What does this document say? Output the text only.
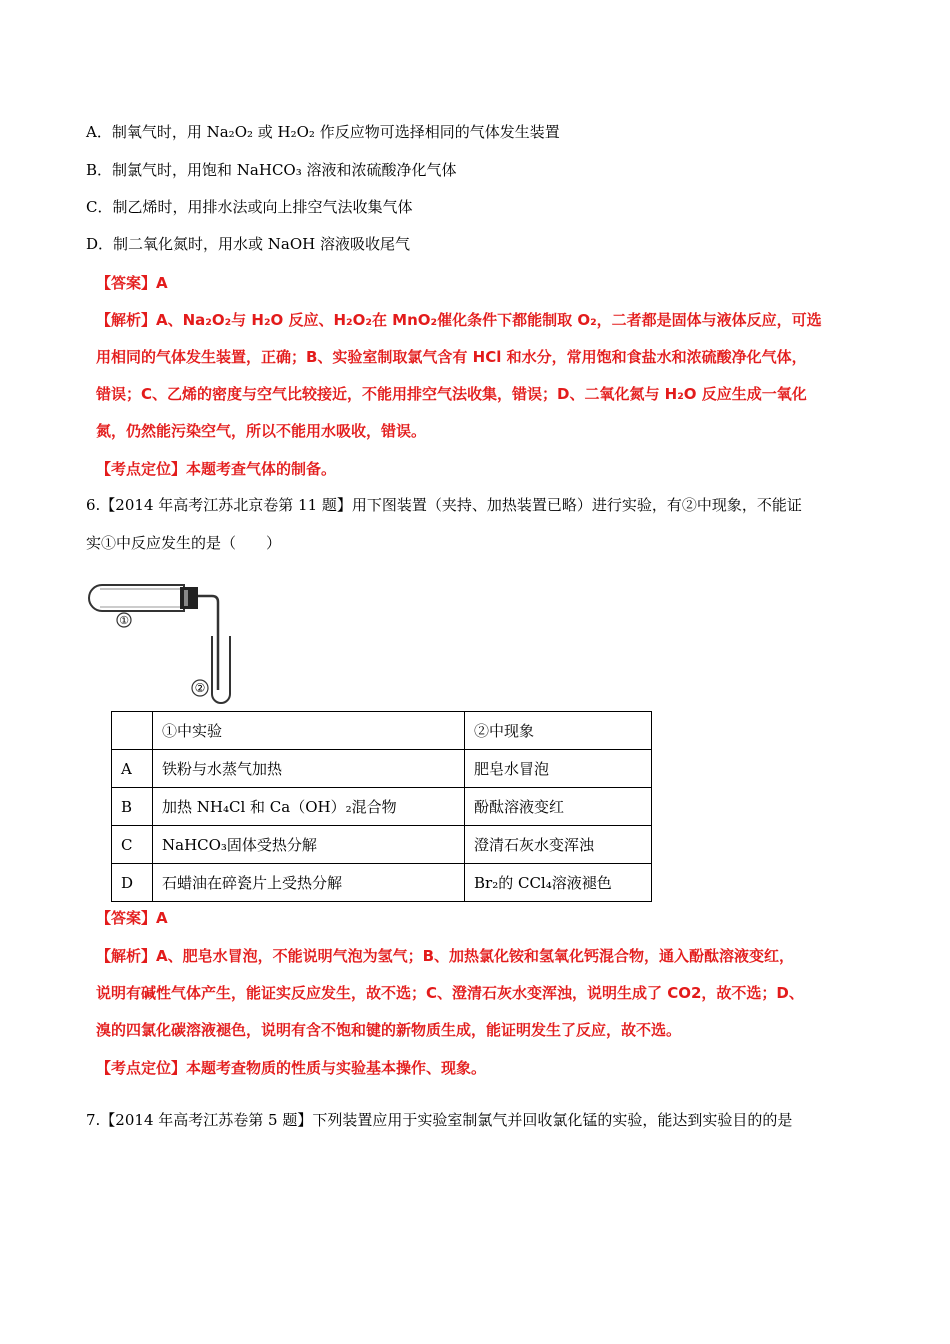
A．制氧气时，用 Na₂O₂ 或 H₂O₂ 作反应物可选择相同的气体发生装置
B．制氯气时，用饱和 NaHCO₃ 溶液和浓硫酸净化气体
C．制乙烯时，用排水法或向上排空气法收集气体
D．制二氧化氮时，用水或 NaOH 溶液吸收尾气
【答案】A
【解析】A、Na₂O₂与 H₂O 反应、H₂O₂在 MnO₂催化条件下都能制取 O₂，二者都是固体与液体反应，可选
用相同的气体发生装置，正确；B、实验室制取氯气含有 HCl 和水分，常用饱和食盐水和浓硫酸净化气体，
错误；C、乙烯的密度与空气比较接近，不能用排空气法收集，错误；D、二氧化氮与 H₂O 反应生成一氧化
氮，仍然能污染空气，所以不能用水吸收，错误。
【考点定位】本题考查气体的制备。
6.【2014 年高考江苏北京卷第 11 题】用下图装置（夹持、加热装置已略）进行实验，有②中现象，不能证
实①中反应发生的是（　　）
①
②
	①中实验	②中现象
A	铁粉与水蒸气加热	肥皂水冒泡
B	加热 NH₄Cl 和 Ca（OH）₂混合物	酚酞溶液变红
C	NaHCO₃固体受热分解	澄清石灰水变浑浊
D	石蜡油在碎瓷片上受热分解	Br₂的 CCl₄溶液褪色
【答案】A
【解析】A、肥皂水冒泡，不能说明气泡为氢气；B、加热氯化铵和氢氧化钙混合物，通入酚酞溶液变红，
说明有碱性气体产生，能证实反应发生，故不选；C、澄清石灰水变浑浊，说明生成了 CO2，故不选；D、
溴的四氯化碳溶液褪色，说明有含不饱和键的新物质生成，能证明发生了反应，故不选。
【考点定位】本题考查物质的性质与实验基本操作、现象。
7.【2014 年高考江苏卷第 5 题】下列装置应用于实验室制氯气并回收氯化锰的实验，能达到实验目的的是
